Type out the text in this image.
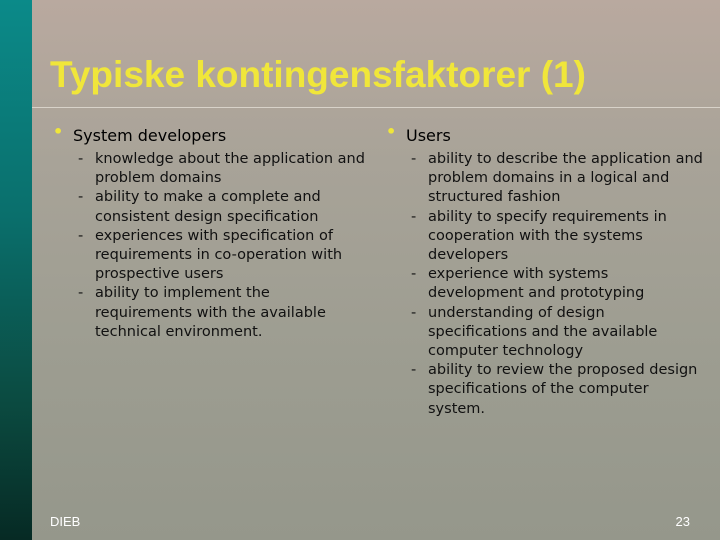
Typiske kontingensfaktorer (1)
• System developers
- knowledge about the application and problem domains
- ability to make a complete and consistent design specification
- experiences with specification of requirements in co-operation with prospective users
- ability to implement the requirements with the available technical environment.
• Users
- ability to describe the application and problem domains in a logical and structured fashion
- ability to specify requirements in cooperation with the systems developers
- experience with systems development and prototyping
- understanding of design specifications and the available computer technology
- ability to review the proposed design specifications of the computer system.
DIEB	23
